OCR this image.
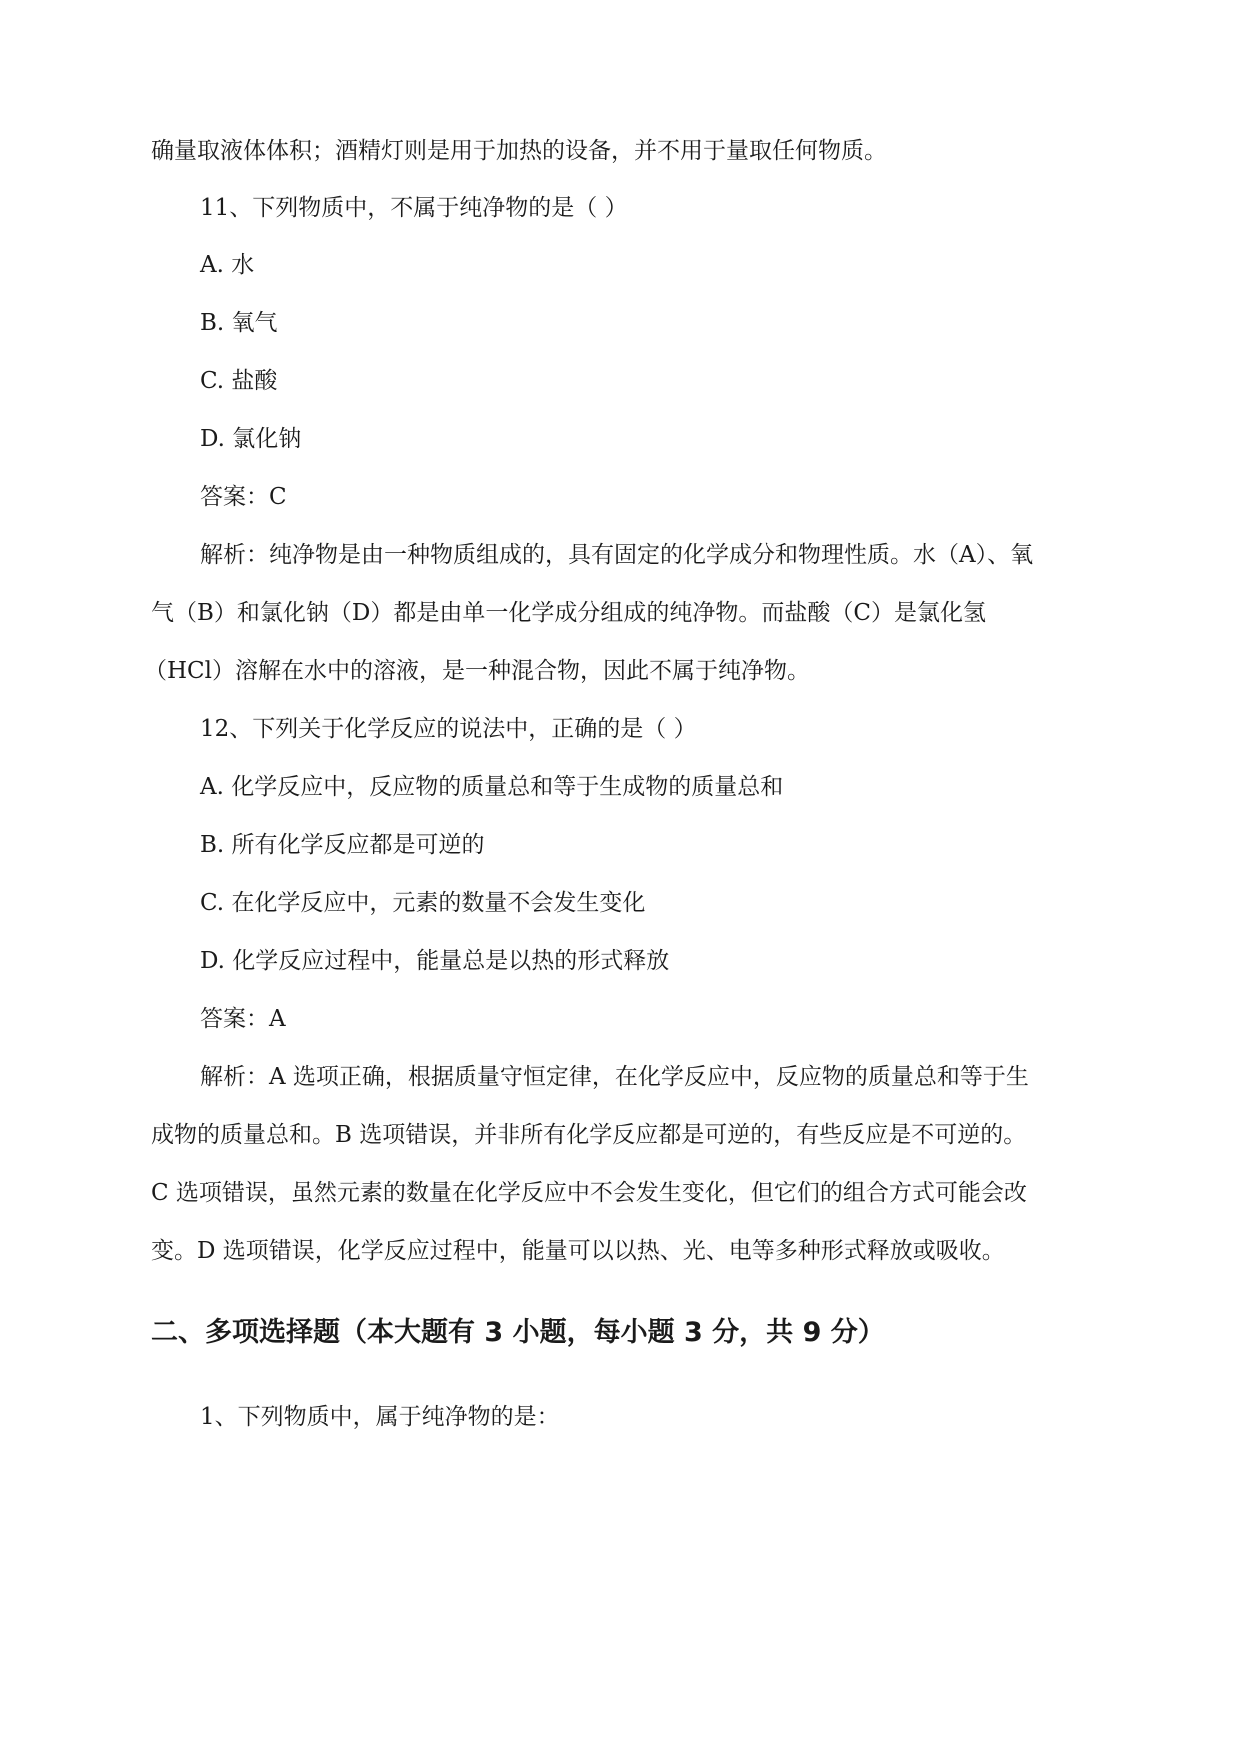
确量取液体体积；酒精灯则是用于加热的设备，并不用于量取任何物质。
11、下列物质中，不属于纯净物的是（ ）
A. 水
B. 氧气
C. 盐酸
D. 氯化钠
答案：C
解析：纯净物是由一种物质组成的，具有固定的化学成分和物理性质。水（A）、氧
气（B）和氯化钠（D）都是由单一化学成分组成的纯净物。而盐酸（C）是氯化氢
（HCl）溶解在水中的溶液，是一种混合物，因此不属于纯净物。
12、下列关于化学反应的说法中，正确的是（ ）
A. 化学反应中，反应物的质量总和等于生成物的质量总和
B. 所有化学反应都是可逆的
C. 在化学反应中，元素的数量不会发生变化
D. 化学反应过程中，能量总是以热的形式释放
答案：A
解析：A 选项正确，根据质量守恒定律，在化学反应中，反应物的质量总和等于生
成物的质量总和。B 选项错误，并非所有化学反应都是可逆的，有些反应是不可逆的。
C 选项错误，虽然元素的数量在化学反应中不会发生变化，但它们的组合方式可能会改
变。D 选项错误，化学反应过程中，能量可以以热、光、电等多种形式释放或吸收。
二、多项选择题（本大题有 3 小题，每小题 3 分，共 9 分）
1、下列物质中，属于纯净物的是：
